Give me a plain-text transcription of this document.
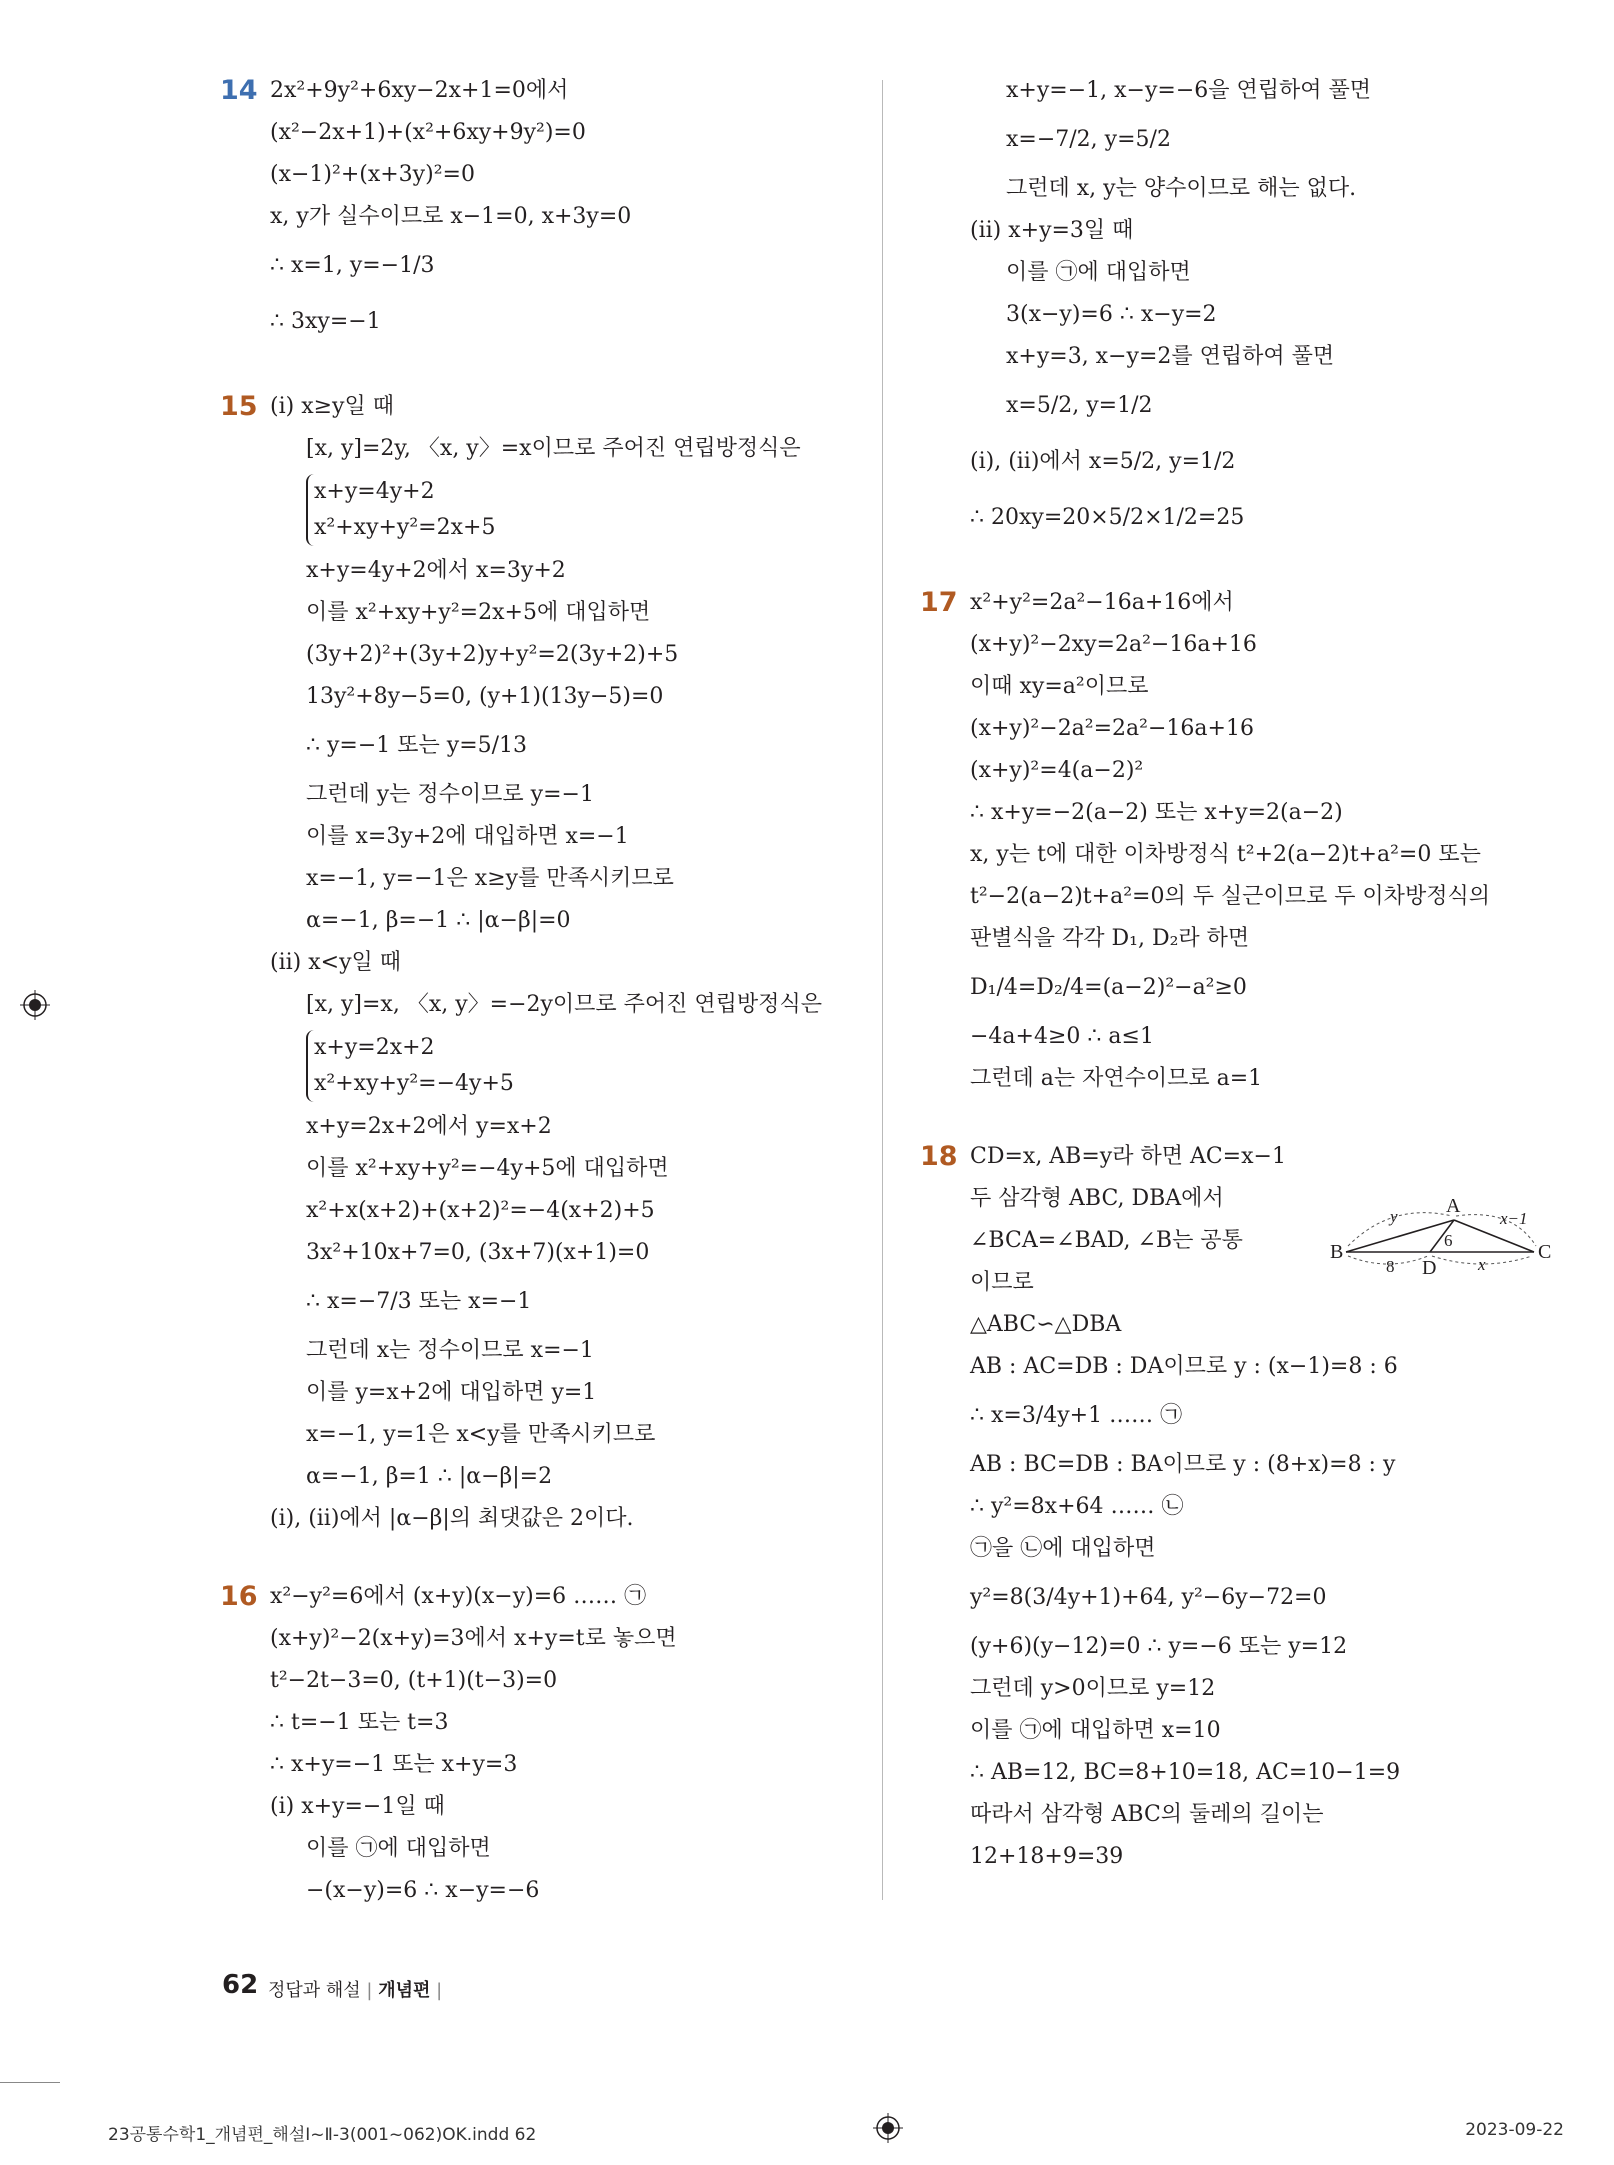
14 2x²+9y²+6xy−2x+1=0에서
(x²−2x+1)+(x²+6xy+9y²)=0
(x−1)²+(x+3y)²=0
x, y가 실수이므로 x−1=0, x+3y=0
∴ x=1, y=−1/3
∴ 3xy=−1
15 (ⅰ) x≥y일 때
[x, y]=2y, 〈x, y〉=x이므로 주어진 연립방정식은
x+y=4y+2
x²+xy+y²=2x+5
x+y=4y+2에서 x=3y+2
이를 x²+xy+y²=2x+5에 대입하면
(3y+2)²+(3y+2)y+y²=2(3y+2)+5
13y²+8y−5=0, (y+1)(13y−5)=0
∴ y=−1 또는 y=5/13
그런데 y는 정수이므로 y=−1
이를 x=3y+2에 대입하면 x=−1
x=−1, y=−1은 x≥y를 만족시키므로
α=−1, β=−1 ∴ |α−β|=0
(ⅱ) x<y일 때
[x, y]=x, 〈x, y〉=−2y이므로 주어진 연립방정식은
x+y=2x+2
x²+xy+y²=−4y+5
x+y=2x+2에서 y=x+2
이를 x²+xy+y²=−4y+5에 대입하면
x²+x(x+2)+(x+2)²=−4(x+2)+5
3x²+10x+7=0, (3x+7)(x+1)=0
∴ x=−7/3 또는 x=−1
그런데 x는 정수이므로 x=−1
이를 y=x+2에 대입하면 y=1
x=−1, y=1은 x<y를 만족시키므로
α=−1, β=1 ∴ |α−β|=2
(ⅰ), (ⅱ)에서 |α−β|의 최댓값은 2이다.
16 x²−y²=6에서 (x+y)(x−y)=6 …… ㉠
(x+y)²−2(x+y)=3에서 x+y=t로 놓으면
t²−2t−3=0, (t+1)(t−3)=0
∴ t=−1 또는 t=3
∴ x+y=−1 또는 x+y=3
(ⅰ) x+y=−1일 때
이를 ㉠에 대입하면
−(x−y)=6 ∴ x−y=−6
x+y=−1, x−y=−6을 연립하여 풀면
x=−7/2, y=5/2
그런데 x, y는 양수이므로 해는 없다.
(ⅱ) x+y=3일 때
이를 ㉠에 대입하면
3(x−y)=6 ∴ x−y=2
x+y=3, x−y=2를 연립하여 풀면
x=5/2, y=1/2
(ⅰ), (ⅱ)에서 x=5/2, y=1/2
∴ 20xy=20×5/2×1/2=25
17 x²+y²=2a²−16a+16에서
(x+y)²−2xy=2a²−16a+16
이때 xy=a²이므로
(x+y)²−2a²=2a²−16a+16
(x+y)²=4(a−2)²
∴ x+y=−2(a−2) 또는 x+y=2(a−2)
x, y는 t에 대한 이차방정식 t²+2(a−2)t+a²=0 또는
t²−2(a−2)t+a²=0의 두 실근이므로 두 이차방정식의
판별식을 각각 D₁, D₂라 하면
D₁/4=D₂/4=(a−2)²−a²≥0
−4a+4≥0 ∴ a≤1
그런데 a는 자연수이므로 a=1
18
A
B	C
D
y	x−1
6
8	x
CD=x, AB=y라 하면 AC=x−1
두 삼각형 ABC, DBA에서
∠BCA=∠BAD, ∠B는 공통
이므로
△ABC∽△DBA
AB : AC=DB : DA이므로 y : (x−1)=8 : 6
∴ x=3/4y+1 …… ㉠
AB : BC=DB : BA이므로 y : (8+x)=8 : y
∴ y²=8x+64 …… ㉡
㉠을 ㉡에 대입하면
y²=8(3/4y+1)+64, y²−6y−72=0
(y+6)(y−12)=0 ∴ y=−6 또는 y=12
그런데 y>0이므로 y=12
이를 ㉠에 대입하면 x=10
∴ AB=12, BC=8+10=18, AC=10−1=9
따라서 삼각형 ABC의 둘레의 길이는
12+18+9=39
62 정답과 해설 | 개념편 |
23공통수학1_개념편_해설Ⅰ~Ⅱ-3(001~062)OK.indd 62	2023-09-22
